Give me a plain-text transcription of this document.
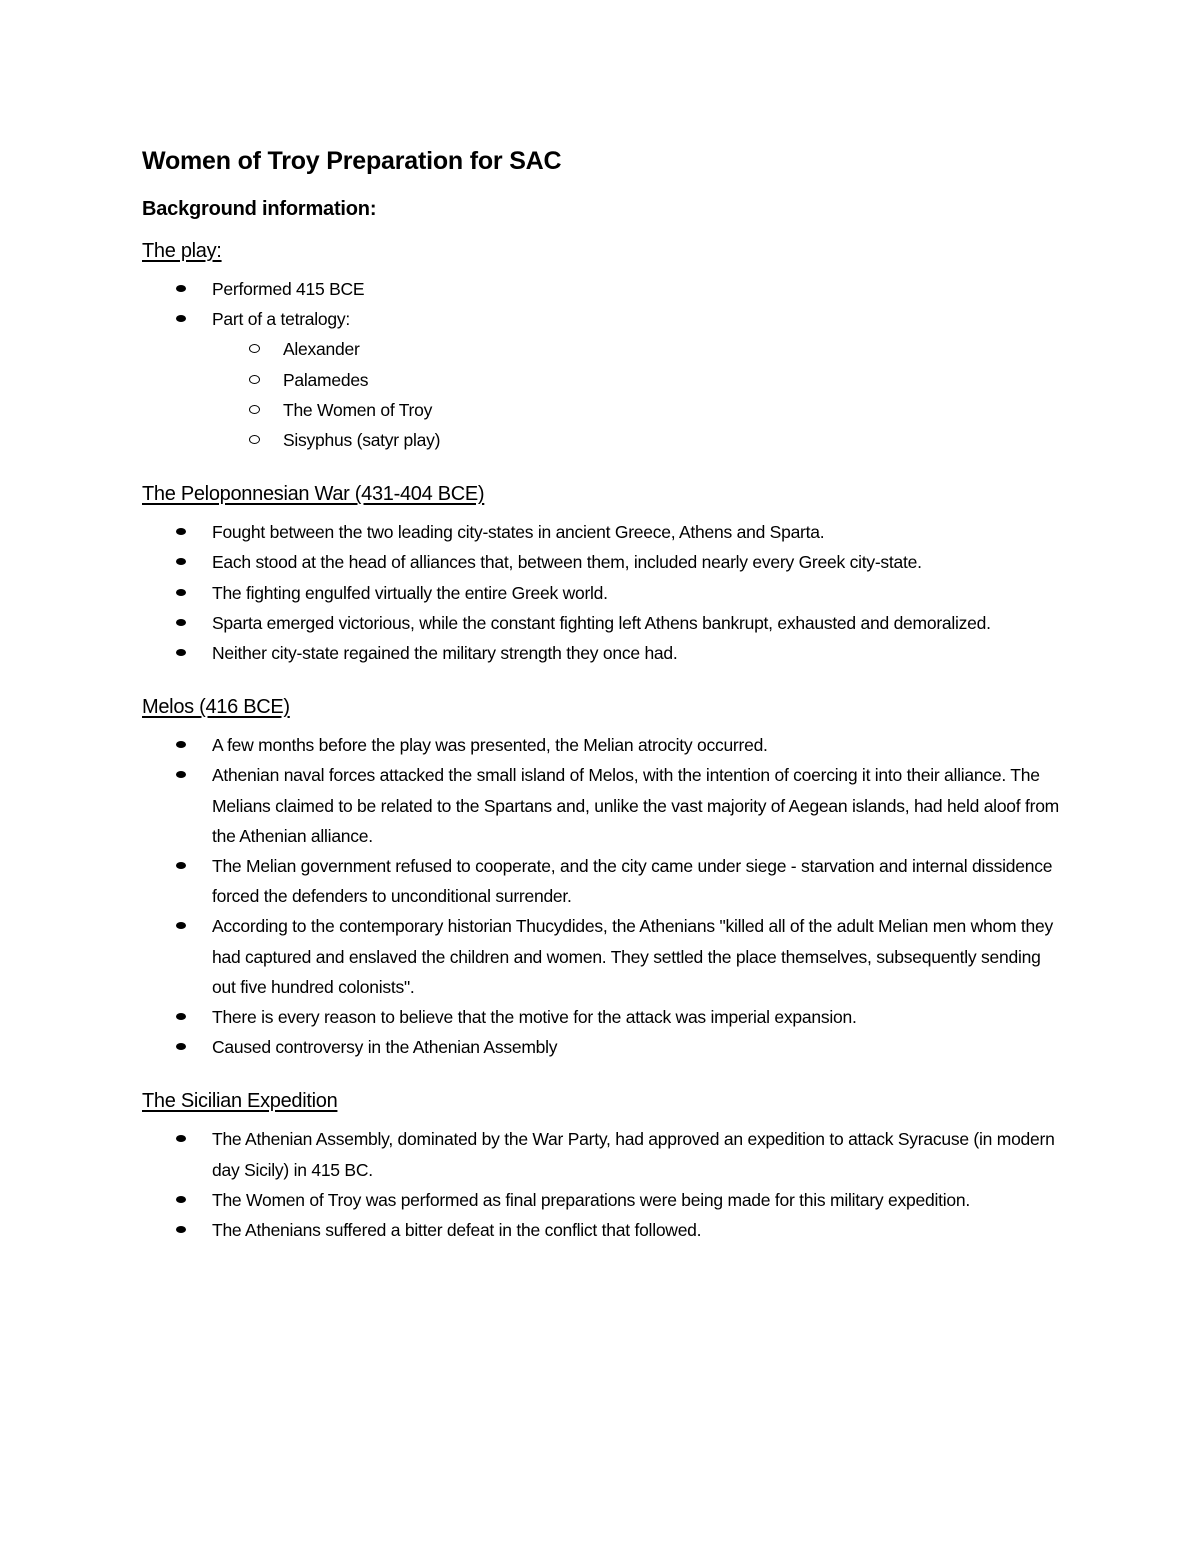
Women of Troy Preparation for SAC
Background information:
The play:
Performed 415 BCE
Part of a tetralogy:
Alexander
Palamedes
The Women of Troy
Sisyphus (satyr play)
The Peloponnesian War (431-404 BCE)
Fought between the two leading city-states in ancient Greece, Athens and Sparta.
Each stood at the head of alliances that, between them, included nearly every Greek city-state.
The fighting engulfed virtually the entire Greek world.
Sparta emerged victorious, while the constant fighting left Athens bankrupt, exhausted and demoralized.
Neither city-state regained the military strength they once had.
Melos (416 BCE)
A few months before the play was presented, the Melian atrocity occurred.
Athenian naval forces attacked the small island of Melos, with the intention of coercing it into their alliance. The Melians claimed to be related to the Spartans and, unlike the vast majority of Aegean islands, had held aloof from the Athenian alliance.
The Melian government refused to cooperate, and the city came under siege - starvation and internal dissidence forced the defenders to unconditional surrender.
According to the contemporary historian Thucydides, the Athenians "killed all of the adult Melian men whom they had captured and enslaved the children and women. They settled the place themselves, subsequently sending out five hundred colonists".
There is every reason to believe that the motive for the attack was imperial expansion.
Caused controversy in the Athenian Assembly
The Sicilian Expedition
The Athenian Assembly, dominated by the War Party, had approved an expedition to attack Syracuse (in modern day Sicily) in 415 BC.
The Women of Troy was performed as final preparations were being made for this military expedition.
The Athenians suffered a bitter defeat in the conflict that followed.
